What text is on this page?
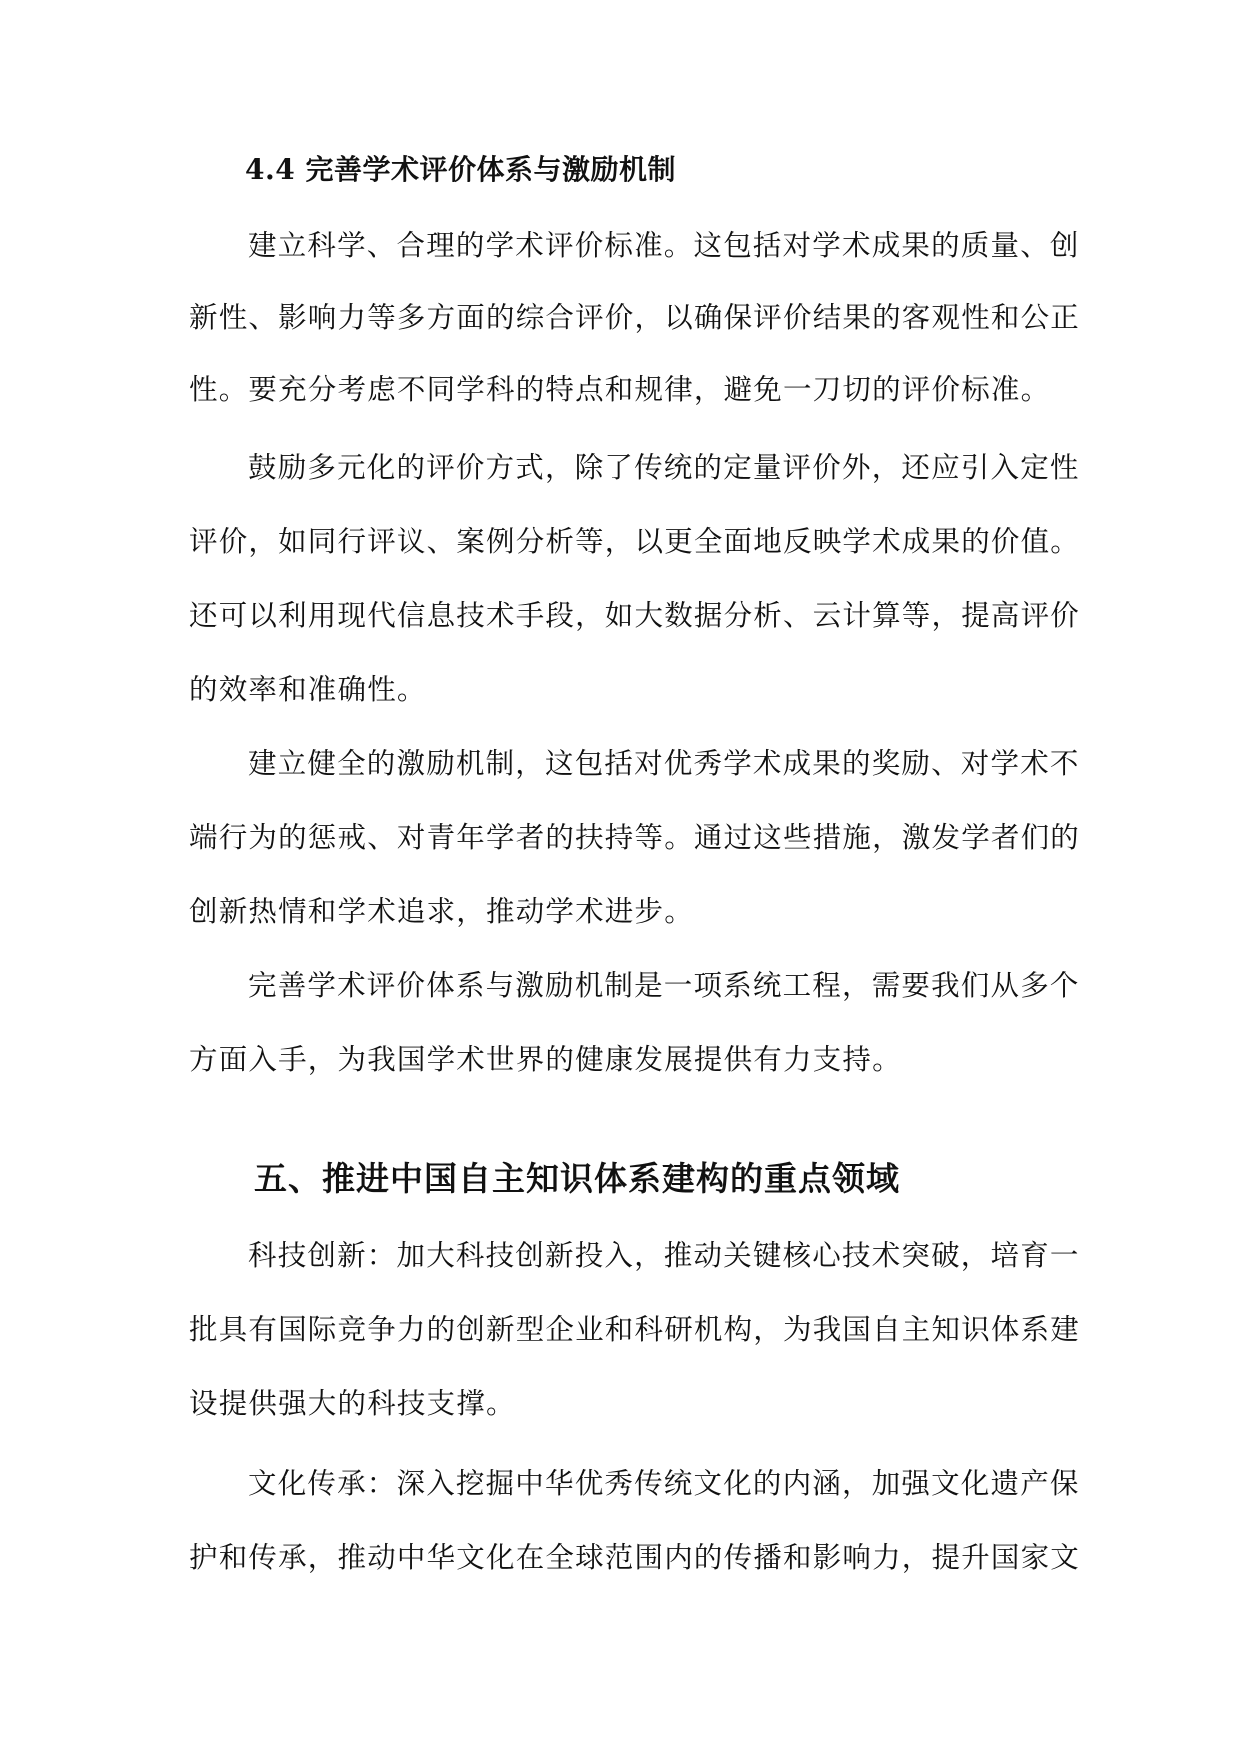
4.4 完善学术评价体系与激励机制
建立科学、合理的学术评价标准。这包括对学术成果的质量、创
新性、影响力等多方面的综合评价，以确保评价结果的客观性和公正
性。要充分考虑不同学科的特点和规律，避免一刀切的评价标准。
鼓励多元化的评价方式，除了传统的定量评价外，还应引入定性
评价，如同行评议、案例分析等，以更全面地反映学术成果的价值。
还可以利用现代信息技术手段，如大数据分析、云计算等，提高评价
的效率和准确性。
建立健全的激励机制，这包括对优秀学术成果的奖励、对学术不
端行为的惩戒、对青年学者的扶持等。通过这些措施，激发学者们的
创新热情和学术追求，推动学术进步。
完善学术评价体系与激励机制是一项系统工程，需要我们从多个
方面入手，为我国学术世界的健康发展提供有力支持。
五、推进中国自主知识体系建构的重点领域
科技创新：加大科技创新投入，推动关键核心技术突破，培育一
批具有国际竞争力的创新型企业和科研机构，为我国自主知识体系建
设提供强大的科技支撑。
文化传承：深入挖掘中华优秀传统文化的内涵，加强文化遗产保
护和传承，推动中华文化在全球范围内的传播和影响力，提升国家文
